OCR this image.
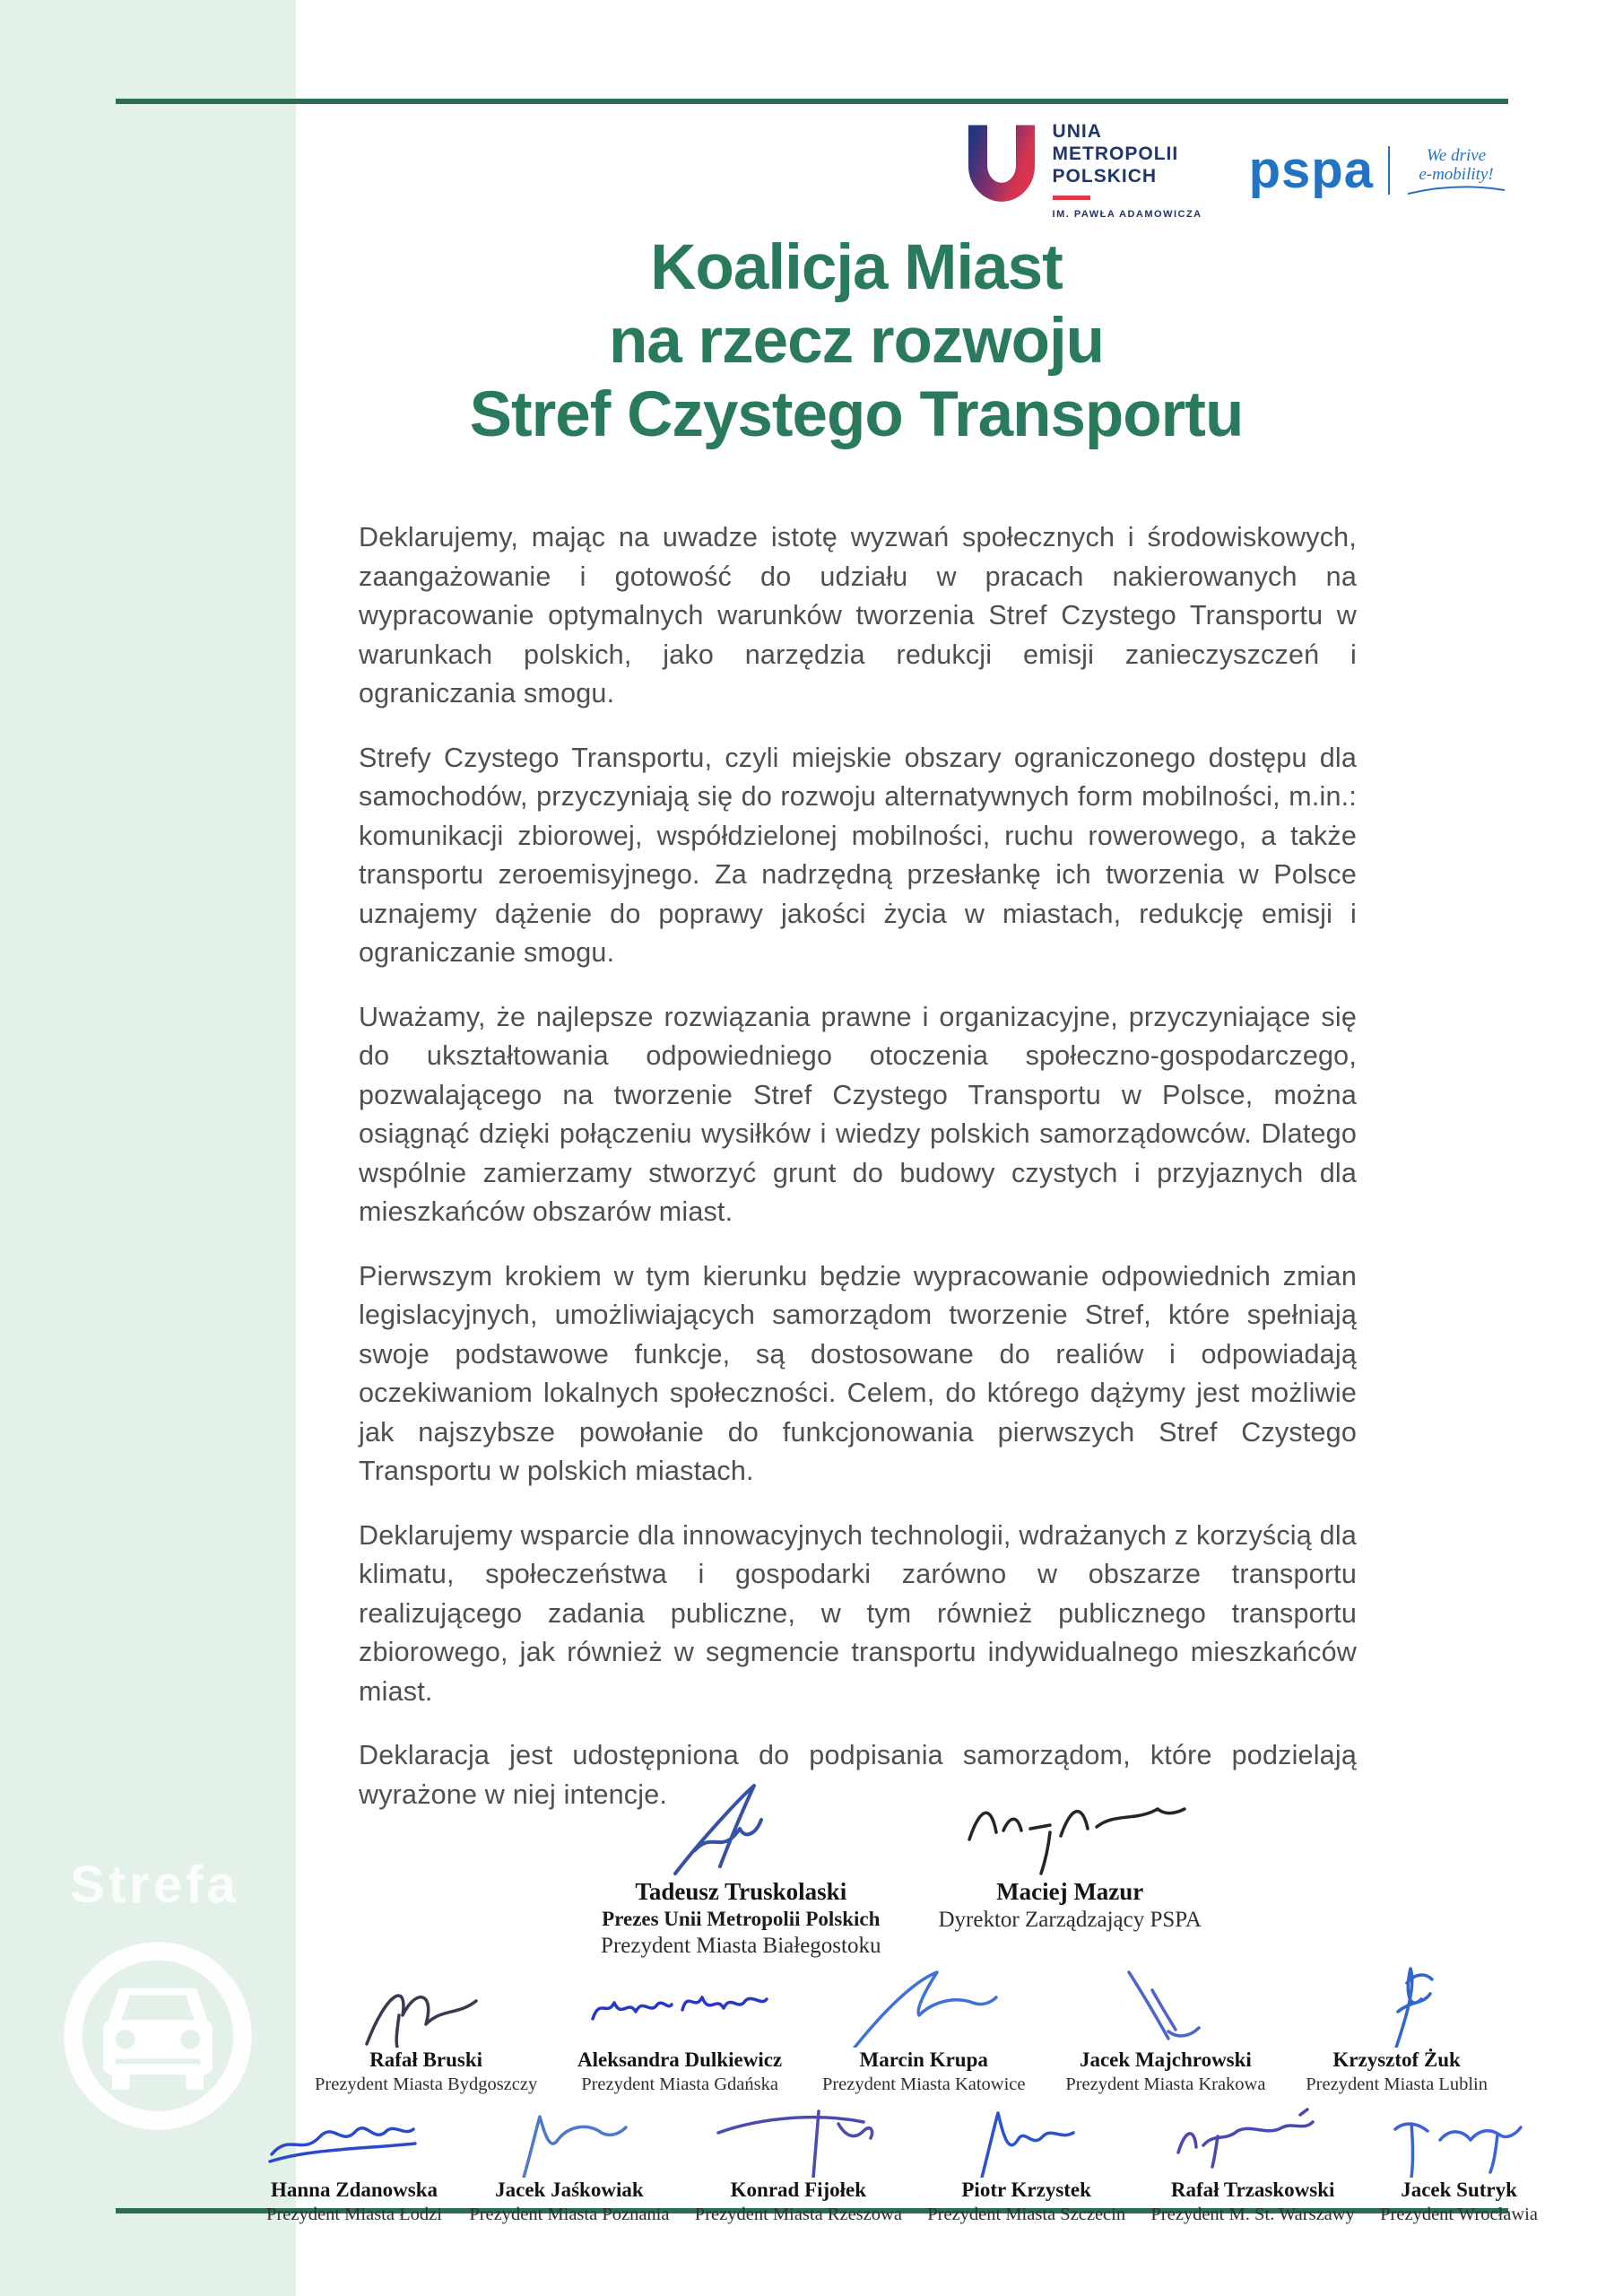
Strefa
UNIA
METROPOLII
POLSKICH
IM. PAWŁA ADAMOWICZA
pspa	We drive
e-mobility!
Koalicja Miast
na rzecz rozwoju
Stref Czystego Transportu

Deklarujemy, mając na uwadze istotę wyzwań społecznych i środowiskowych, zaangażowanie i gotowość do udziału w pracach nakierowanych na wypracowanie optymalnych warunków tworzenia Stref Czystego Transportu w warunkach polskich, jako narzędzia redukcji emisji zanieczyszczeń i ograniczania smogu.

Strefy Czystego Transportu, czyli miejskie obszary ograniczonego dostępu dla samochodów, przyczyniają się do rozwoju alternatywnych form mobilności, m.in.: komunikacji zbiorowej, współdzielonej mobilności, ruchu rowerowego, a także transportu zeroemisyjnego. Za nadrzędną przesłankę ich tworzenia w Polsce uznajemy dążenie do poprawy jakości życia w miastach, redukcję emisji i ograniczanie smogu.

Uważamy, że najlepsze rozwiązania prawne i organizacyjne, przyczyniające się do ukształtowania odpowiedniego otoczenia społeczno-gospodarczego, pozwalającego na tworzenie Stref Czystego Transportu w Polsce, można osiągnąć dzięki połączeniu wysiłków i wiedzy polskich samorządowców. Dlatego wspólnie zamierzamy stworzyć grunt do budowy czystych i przyjaznych dla mieszkańców obszarów miast.

Pierwszym krokiem w tym kierunku będzie wypracowanie odpowiednich zmian legislacyjnych, umożliwiających samorządom tworzenie Stref, które spełniają swoje podstawowe funkcje, są dostosowane do realiów i odpowiadają oczekiwaniom lokalnych społeczności. Celem, do którego dążymy jest możliwie jak najszybsze powołanie do funkcjonowania pierwszych Stref Czystego Transportu w polskich miastach.

Deklarujemy wsparcie dla innowacyjnych technologii, wdrażanych z korzyścią dla klimatu, społeczeństwa i gospodarki zarówno w obszarze transportu realizującego zadania publiczne, w tym również publicznego transportu zbiorowego, jak również w segmencie transportu indywidualnego mieszkańców miast.

Deklaracja jest udostępniona do podpisania samorządom, które podzielają wyrażone w niej intencje.

Tadeusz Truskolaski
Prezes Unii Metropolii Polskich
Prezydent Miasta Białegostoku
Maciej Mazur
Dyrektor Zarządzający PSPA
Rafał Bruski
Prezydent Miasta Bydgoszczy
Aleksandra Dulkiewicz
Prezydent Miasta Gdańska
Marcin Krupa
Prezydent Miasta Katowice
Jacek Majchrowski
Prezydent Miasta Krakowa
Krzysztof Żuk
Prezydent Miasta Lublin
Hanna Zdanowska
Prezydent Miasta Łodzi
Jacek Jaśkowiak
Prezydent Miasta Poznania
Konrad Fijołek
Prezydent Miasta Rzeszowa
Piotr Krzystek
Prezydent Miasta Szczecin
Rafał Trzaskowski
Prezydent M. St. Warszawy
Jacek Sutryk
Prezydent Wrocławia
